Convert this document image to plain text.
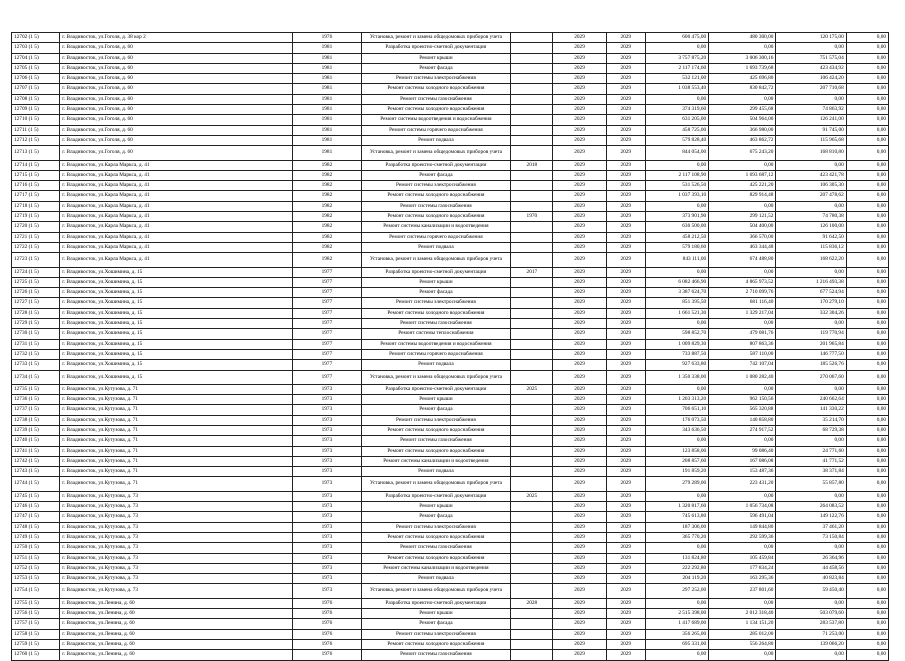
12702 (1 5)	г. Владивосток, ул.Гоголя, д. 38 кор 2	1976	Установка, ремонт и замена общедомовых приборов учета		2029	2029	600 475,00	480 300,00	120 175,00	0,00
12703 (1 5)	г. Владивосток, ул.Гоголя, д. 60	1981	Разработка проектно-сметной документации		2029	2029	0,00	0,00	0,00	0,00
12704 (1 5)	г. Владивосток, ул.Гоголя, д. 60	1981	Ремонт крыши		2029	2029	3 757 875,20	3 006 300,16	751 575,04	0,00
12705 (1 5)	г. Владивосток, ул.Гоголя, д. 60	1981	Ремонт фасада		2029	2029	2 117 174,60	1 693 739,68	423 434,92	0,00
12706 (1 5)	г. Владивосток, ул.Гоголя, д. 60	1981	Ремонт системы электроснабжения		2029	2029	532 121,00	425 696,80	106 424,20	0,00
12707 (1 5)	г. Владивосток, ул.Гоголя, д. 60	1981	Ремонт системы холодного водоснабжения		2029	2029	1 038 553,40	830 842,72	207 710,68	0,00
12708 (1 5)	г. Владивосток, ул.Гоголя, д. 60	1981	Ремонт системы газоснабжения		2029	2029	0,00	0,00	0,00	0,00
12709 (1 5)	г. Владивосток, ул.Гоголя, д. 60	1981	Ремонт системы холодного водоснабжения		2029	2029	374 319,60	299 455,68	74 863,92	0,00
12710 (1 5)	г. Владивосток, ул.Гоголя, д. 60	1981	Ремонт системы водоотведения и водоснабжения		2029	2029	631 205,00	504 964,00	126 241,00	0,00
12711 (1 5)	г. Владивосток, ул.Гоголя, д. 60	1981	Ремонт системы горячего водоснабжения		2029	2029	458 725,00	366 980,00	91 745,00	0,00
12712 (1 5)	г. Владивосток, ул.Гоголя, д. 60	1981	Ремонт подвала		2029	2029	579 828,40	463 862,72	115 965,68	0,00
12713 (1 5)	г. Владивосток, ул.Гоголя, д. 60	1981	Установка, ремонт и замена общедомовых приборов учета		2029	2029	844 054,00	675 243,20	168 810,80	0,00
12714 (1 5)	г. Владивосток, ул.Карла Маркса, д. 41	1982	Разработка проектно-сметной документации	2018	2029	2029	0,00	0,00	0,00	0,00
12715 (1 5)	г. Владивосток, ул.Карла Маркса, д. 41	1982	Ремонт фасада		2029	2029	2 117 108,90	1 693 687,12	423 421,78	0,00
12716 (1 5)	г. Владивосток, ул.Карла Маркса, д. 41	1982	Ремонт системы электроснабжения		2029	2029	531 526,50	425 221,20	106 305,30	0,00
12717 (1 5)	г. Владивосток, ул.Карла Маркса, д. 41	1982	Ремонт системы холодного водоснабжения		2029	2029	1 037 393,10	829 914,48	207 478,62	0,00
12718 (1 5)	г. Владивосток, ул.Карла Маркса, д. 41	1982	Ремонт системы газоснабжения		2029	2029	0,00	0,00	0,00	0,00
12719 (1 5)	г. Владивосток, ул.Карла Маркса, д. 41	1982	Ремонт системы холодного водоснабжения	1970	2029	2029	373 901,90	299 121,52	74 780,38	0,00
12720 (1 5)	г. Владивосток, ул.Карла Маркса, д. 41	1982	Ремонт системы канализации и водоотведения		2029	2029	630 500,00	504 400,00	126 100,00	0,00
12721 (1 5)	г. Владивосток, ул.Карла Маркса, д. 41	1982	Ремонт системы горячего водоснабжения		2029	2029	458 212,50	366 570,00	91 642,50	0,00
12722 (1 5)	г. Владивосток, ул.Карла Маркса, д. 41	1982	Ремонт подвала		2029	2029	579 180,60	463 344,48	115 836,12	0,00
12723 (1 5)	г. Владивосток, ул.Карла Маркса, д. 41	1982	Установка, ремонт и замена общедомовых приборов учета		2029	2029	843 111,00	674 488,80	168 622,20	0,00
12724 (1 5)	г. Владивосток, ул.Хошимина, д. 15	1977	Разработка проектно-сметной документации	2017	2029	2029	0,00	0,00	0,00	0,00
12725 (1 5)	г. Владивосток, ул.Хошимина, д. 15	1977	Ремонт крыши		2029	2029	6 082 466,90	4 865 973,52	1 216 493,38	0,00
12726 (1 5)	г. Владивосток, ул.Хошимина, д. 15	1977	Ремонт фасада		2029	2029	3 387 624,70	2 710 099,76	677 524,94	0,00
12727 (1 5)	г. Владивосток, ул.Хошимина, д. 15	1977	Ремонт системы электроснабжения		2029	2029	851 395,50	681 116,40	170 279,10	0,00
12728 (1 5)	г. Владивосток, ул.Хошимина, д. 15	1977	Ремонт системы холодного водоснабжения		2029	2029	1 661 521,30	1 329 217,04	332 304,26	0,00
12729 (1 5)	г. Владивосток, ул.Хошимина, д. 15	1977	Ремонт системы газоснабжения		2029	2029	0,00	0,00	0,00	0,00
12730 (1 5)	г. Владивосток, ул.Хошимина, д. 15	1977	Ремонт системы теплоснабжения		2029	2029	598 852,70	479 081,76	119 770,94	0,00
12731 (1 5)	г. Владивосток, ул.Хошимина, д. 15	1977	Ремонт системы водоотведения и водоснабжения		2029	2029	1 009 829,30	807 863,36	201 965,84	0,00
12732 (1 5)	г. Владивосток, ул.Хошимина, д. 15	1977	Ремонт системы горячего водоснабжения		2029	2029	733 887,50	587 110,00	146 777,50	0,00
12733 (1 5)	г. Владивосток, ул.Хошимина, д. 15	1977	Ремонт подвала		2029	2029	927 633,80	742 107,04	185 526,76	0,00
12734 (1 5)	г. Владивосток, ул.Хошимина, д. 15	1977	Установка, ремонт и замена общедомовых приборов учета		2029	2029	1 350 338,00	1 080 282,40	270 067,60	0,00
12735 (1 5)	г. Владивосток, ул.Кутузова, д. 71	1973	Разработка проектно-сметной документации	2025	2029	2029	0,00	0,00	0,00	0,00
12736 (1 5)	г. Владивосток, ул.Кутузова, д. 71	1973	Ремонт крыши		2029	2029	1 203 313,20	962 150,56	240 662,64	0,00
12737 (1 5)	г. Владивосток, ул.Кутузова, д. 71	1973	Ремонт фасада		2029	2029	706 651,10	565 320,88	141 330,22	0,00
12738 (1 5)	г. Владивосток, ул.Кутузова, д. 71	1973	Ремонт системы электроснабжения		2029	2029	176 073,50	140 858,80	35 214,70	0,00
12739 (1 5)	г. Владивосток, ул.Кутузова, д. 71	1973	Ремонт системы холодного водоснабжения		2029	2029	343 636,50	274 917,52	68 729,38	0,00
12740 (1 5)	г. Владивосток, ул.Кутузова, д. 71	1973	Ремонт системы газоснабжения		2029	2029	0,00	0,00	0,00	0,00
12741 (1 5)	г. Владивосток, ул.Кутузова, д. 71	1973	Ремонт системы холодного водоснабжения		2029	2029	123 858,00	99 086,40	24 771,60	0,00
12742 (1 5)	г. Владивосток, ул.Кутузова, д. 71	1973	Ремонт системы канализации и водоотведения		2029	2029	208 857,60	167 086,08	41 771,52	0,00
12743 (1 5)	г. Владивосток, ул.Кутузова, д. 71	1973	Ремонт подвала		2029	2029	191 859,20	153 487,36	38 371,84	0,00
12744 (1 5)	г. Владивосток, ул.Кутузова, д. 71	1973	Установка, ремонт и замена общедомовых приборов учета		2029	2029	279 289,00	223 431,20	55 857,80	0,00
12745 (1 5)	г. Владивосток, ул.Кутузова, д. 73	1973	Разработка проектно-сметной документации	2025	2029	2029	0,00	0,00	0,00	0,00
12746 (1 5)	г. Владивосток, ул.Кутузова, д. 73	1973	Ремонт крыши		2029	2029	1 320 817,60	1 056 734,08	264 083,52	0,00
12747 (1 5)	г. Владивосток, ул.Кутузова, д. 73	1973	Ремонт фасада		2029	2029	745 613,80	596 491,04	149 122,76	0,00
12748 (1 5)	г. Владивосток, ул.Кутузова, д. 73	1973	Ремонт системы электроснабжения		2029	2029	187 306,00	149 844,80	37 461,20	0,00
12749 (1 5)	г. Владивосток, ул.Кутузова, д. 73	1973	Ремонт системы холодного водоснабжения		2029	2029	365 770,20	292 599,36	73 150,84	0,00
12750 (1 5)	г. Владивосток, ул.Кутузова, д. 73	1973	Ремонт системы газоснабжения		2029	2029	0,00	0,00	0,00	0,00
12751 (1 5)	г. Владивосток, ул.Кутузова, д. 73	1973	Ремонт системы холодного водоснабжения		2029	2029	131 824,80	105 459,84	26 364,96	0,00
12752 (1 5)	г. Владивосток, ул.Кутузова, д. 73	1973	Ремонт системы канализации и водоотведения		2029	2029	222 292,80	177 834,24	44 458,56	0,00
12753 (1 5)	г. Владивосток, ул.Кутузова, д. 73	1973	Ремонт подвала		2029	2029	204 119,20	163 295,36	40 823,84	0,00
12754 (1 5)	г. Владивосток, ул.Кутузова, д. 73	1973	Установка, ремонт и замена общедомовых приборов учета		2029	2029	297 252,00	237 801,60	59 450,40	0,00
12755 (1 5)	г. Владивосток, ул.Ленина, д. 60	1976	Разработка проектно-сметной документации	2028	2029	2029	0,00	0,00	0,00	0,00
12756 (1 5)	г. Владивосток, ул.Ленина, д. 60	1976	Ремонт крыши		2029	2029	2 515 398,00	2 012 318,40	503 079,60	0,00
12757 (1 5)	г. Владивосток, ул.Ленина, д. 60	1976	Ремонт фасада		2029	2029	1 417 689,00	1 134 151,20	283 537,80	0,00
12758 (1 5)	г. Владивосток, ул.Ленина, д. 60	1976	Ремонт системы электроснабжения		2029	2029	356 265,00	285 012,00	71 253,00	0,00
12759 (1 5)	г. Владивосток, ул.Ленина, д. 60	1976	Ремонт системы холодного водоснабжения		2029	2029	695 331,00	556 264,80	139 066,20	0,00
12760 (1 5)	г. Владивосток, ул.Ленина, д. 60	1976	Ремонт системы газоснабжения		2029	2029	0,00	0,00	0,00	0,00
